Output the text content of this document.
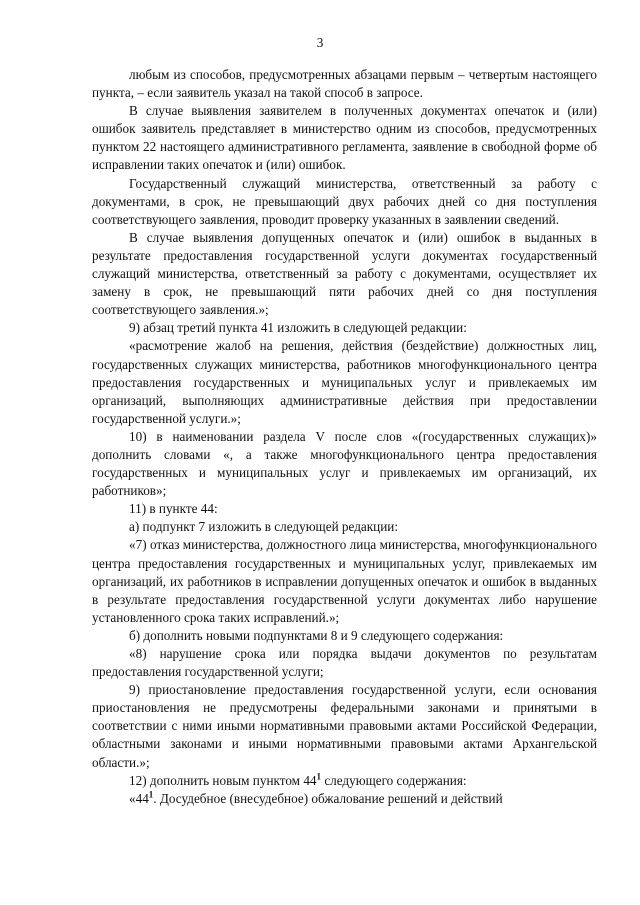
3

любым из способов, предусмотренных абзацами первым – четвертым настоящего пункта, – если заявитель указал на такой способ в запросе.

В случае выявления заявителем в полученных документах опечаток и (или) ошибок заявитель представляет в министерство одним из способов, предусмотренных пунктом 22 настоящего административного регламента, заявление в свободной форме об исправлении таких опечаток и (или) ошибок.

Государственный служащий министерства, ответственный за работу с документами, в срок, не превышающий двух рабочих дней со дня поступления соответствующего заявления, проводит проверку указанных в заявлении сведений.

В случае выявления допущенных опечаток и (или) ошибок в выданных в результате предоставления государственной услуги документах государственный служащий министерства, ответственный за работу с документами, осуществляет их замену в срок, не превышающий пяти рабочих дней со дня поступления соответствующего заявления.»;

9) абзац третий пункта 41 изложить в следующей редакции:

«расмотрение жалоб на решения, действия (бездействие) должностных лиц, государственных служащих министерства, работников многофункционального центра предоставления государственных и муниципальных услуг и привлекаемых им организаций, выполняющих административные действия при предоставлении государственной услуги.»;

10) в наименовании раздела V после слов «(государственных служащих)» дополнить словами «, а также многофункционального центра предоставления государственных и муниципальных услуг и привлекаемых им организаций, их работников»;

11) в пункте 44:

а) подпункт 7 изложить в следующей редакции:

«7) отказ министерства, должностного лица министерства, многофункционального центра предоставления государственных и муниципальных услуг, привлекаемых им организаций, их работников в исправлении допущенных опечаток и ошибок в выданных в результате предоставления государственной услуги документах либо нарушение установленного срока таких исправлений.»;

б) дополнить новыми подпунктами 8 и 9 следующего содержания:

«8) нарушение срока или порядка выдачи документов по результатам предоставления государственной услуги;

9) приостановление предоставления государственной услуги, если основания приостановления не предусмотрены федеральными законами и принятыми в соответствии с ними иными нормативными правовыми актами Российской Федерации, областными законами и иными нормативными правовыми актами Архангельской области.»;

12) дополнить новым пунктом $44^1$ следующего содержания:

«$44^1$. Досудебное (внесудебное) обжалование решений и действий
